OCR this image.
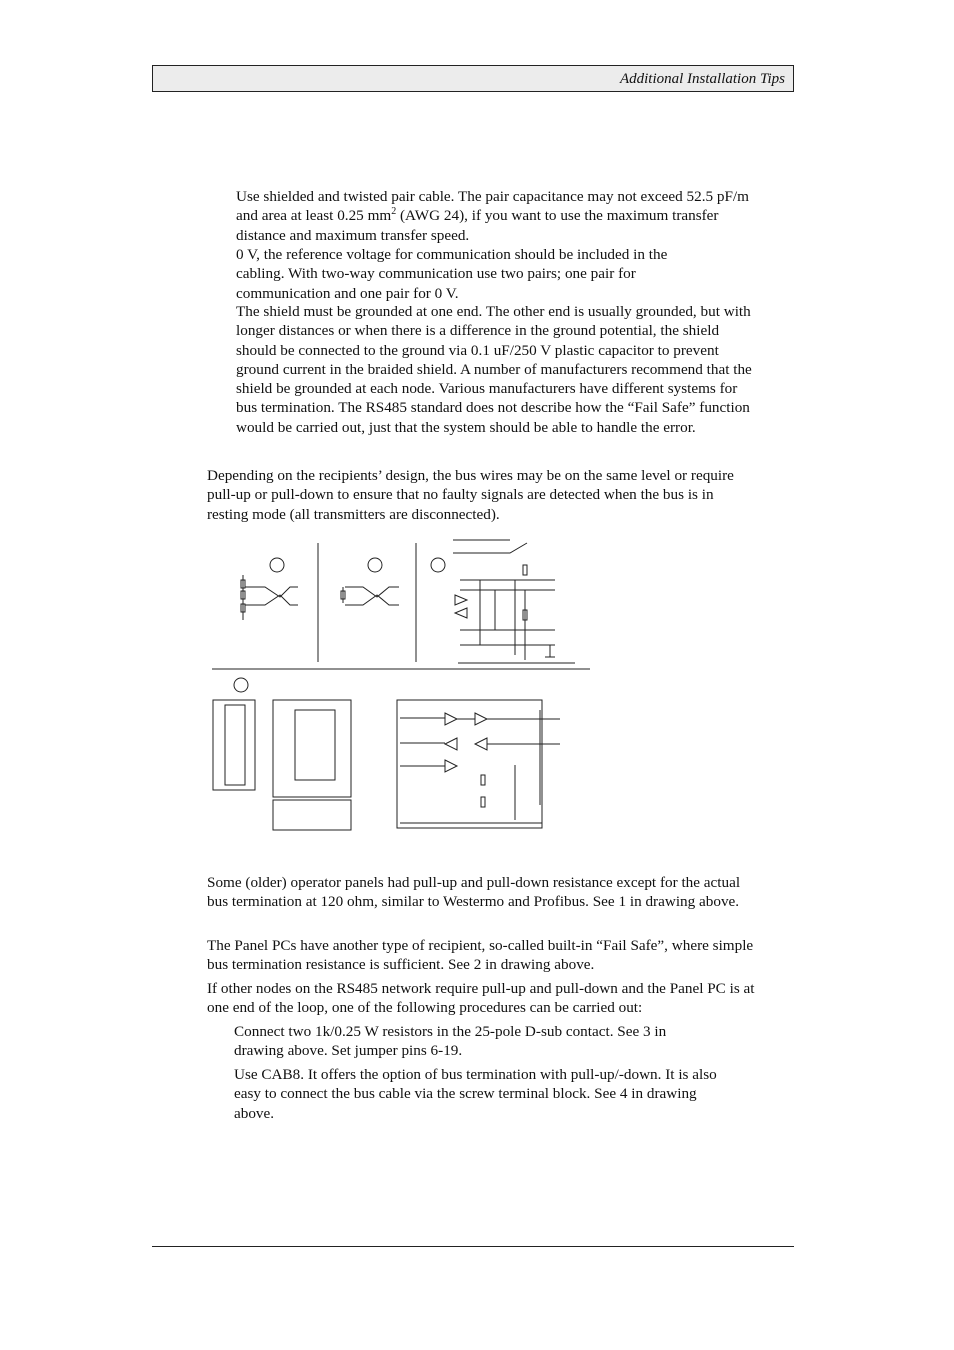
Additional Installation Tips

Use shielded and twisted pair cable. The pair capacitance may not exceed 52.5 pF/m and area at least 0.25 $mm^2$ (AWG 24), if you want to use the maximum transfer distance and maximum transfer speed.

0 V, the reference voltage for communication should be included in the cabling. With two-way communication use two pairs; one pair for communication and one pair for 0 V.

The shield must be grounded at one end. The other end is usually grounded, but with longer distances or when there is a difference in the ground potential, the shield should be connected to the ground via 0.1 uF/250 V plastic capacitor to prevent ground current in the braided shield. A number of manufacturers recommend that the shield be grounded at each node. Various manufacturers have different systems for bus termination. The RS485 standard does not describe how the “Fail Safe” function would be carried out, just that the system should be able to handle the error.

Depending on the recipients’ design, the bus wires may be on the same level or require pull-up or pull-down to ensure that no faulty signals are detected when the bus is in resting mode (all transmitters are disconnected).

Some (older) operator panels had pull-up and pull-down resistance except for the actual bus termination at 120 ohm, similar to Westermo and Profibus. See 1 in drawing above.

The Panel PCs have another type of recipient, so-called built-in “Fail Safe”, where simple bus termination resistance is sufficient. See 2 in drawing above.

If other nodes on the RS485 network require pull-up and pull-down and the Panel PC is at one end of the loop, one of the following procedures can be carried out:

Connect two 1k/0.25 W resistors in the 25-pole D-sub contact. See 3 in drawing above. Set jumper pins 6-19.

Use CAB8. It offers the option of bus termination with pull-up/-down. It is also easy to connect the bus cable via the screw terminal block. See 4 in drawing above.
